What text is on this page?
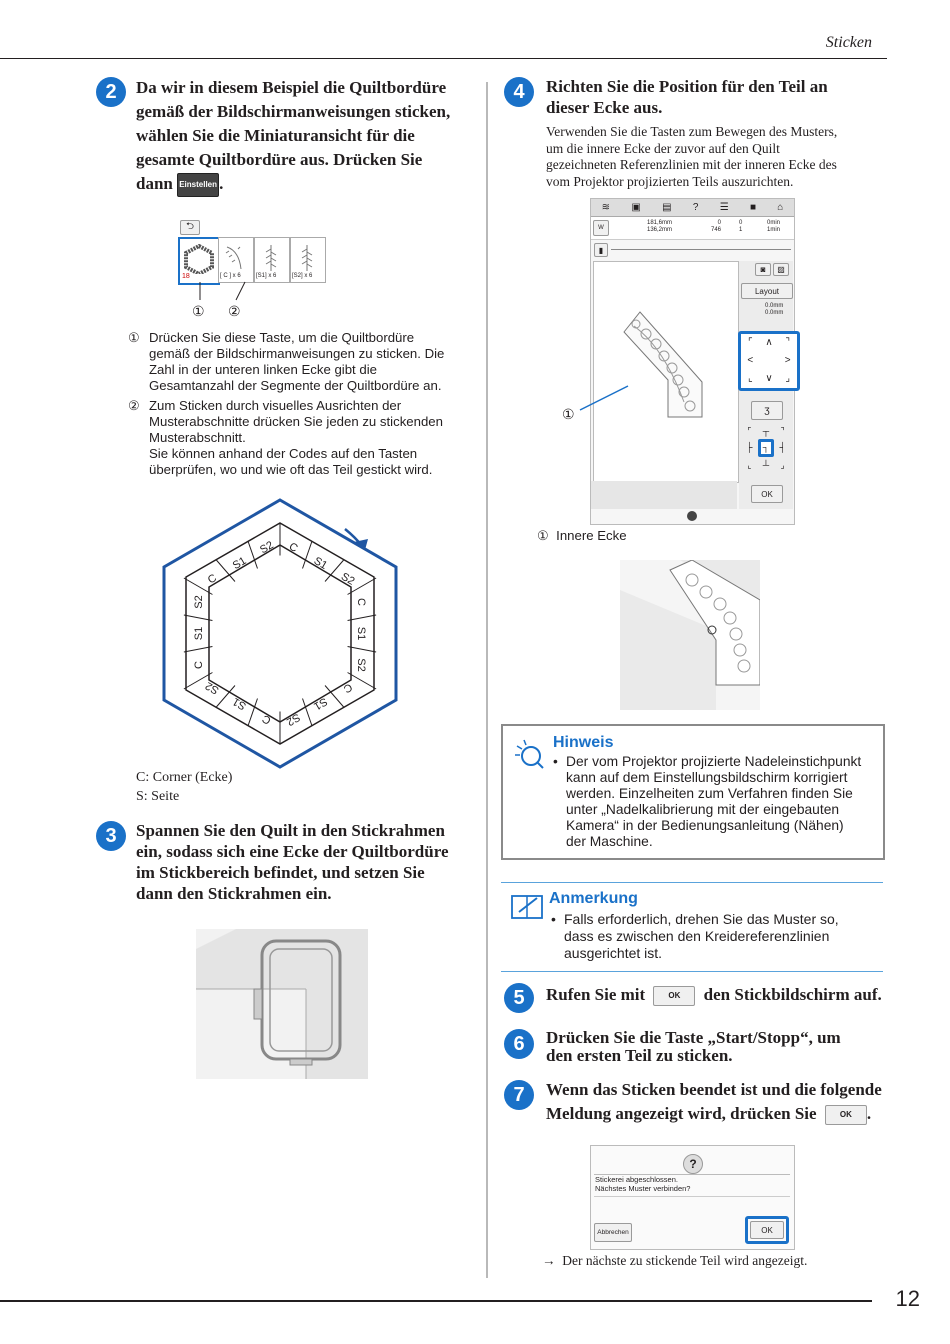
Sticken
2	Da wir in diesem Beispiel die Quiltbordüre
gemäß der Bildschirmanweisungen sticken,
wählen Sie die Miniaturansicht für die
gesamte Quiltbordüre aus. Drücken Sie
dann Einstellen .
⮌
18	[ C ] x 6	[S1] x 6	[S2] x 6
① ②
① Drücken Sie diese Taste, um die Quiltbordüre
gemäß der Bildschirmanweisungen zu sticken. Die
Zahl in der unteren linken Ecke gibt die
Gesamtanzahl der Segmente der Quiltbordüre an.
② Zum Sticken durch visuelles Ausrichten der
Musterabschnitte drücken Sie jeden zu stickenden
Musterabschnitt.
Sie können anhand der Codes auf den Tasten
überprüfen, wo und wie oft das Teil gestickt wird.
C
S1
S2
C
S1
S2
C
S1
S2
C
S1
S2
C
S1
S2
C
S1
S2
C: Corner (Ecke)
S: Seite
3	Spannen Sie den Quilt in den Stickrahmen
ein, sodass sich eine Ecke der Quiltbordüre
im Stickbereich befindet, und setzen Sie
dann den Stickrahmen ein.
4	Richten Sie die Position für den Teil an
dieser Ecke aus.
Verwenden Sie die Tasten zum Bewegen des Musters,
um die innere Ecke der zuvor auf den Quilt
gezeichneten Referenzlinien mit der inneren Ecke des
vom Projektor projizierten Teils auszurichten.
≋ ▣ ▤ ? ☰ ■ ⌂
W
181,6mm
136,2mm
0
746
0
1
0min
1min
▮
◙	▨
Layout
0.0mm
0.0mm
⌜	∧	⌝
<	>
⌞	∨	⌟
ʒ
⌜	┬	⌝
├	┐	┤
⌞	┴	⌟
OK
①
① Innere Ecke
Hinweis
• Der vom Projektor projizierte Nadeleinstichpunkt
kann auf dem Einstellungsbildschirm korrigiert
werden. Einzelheiten zum Verfahren finden Sie
unter „Nadelkalibrierung mit der eingebauten
Kamera“ in der Bedienungsanleitung (Nähen)
der Maschine.
Anmerkung
• Falls erforderlich, drehen Sie das Muster so,
dass es zwischen den Kreidereferenzlinien
ausgerichtet ist.
5	Rufen Sie mit	OK den Stickbildschirm auf.
6	Drücken Sie die Taste „Start/Stopp“, um
den ersten Teil zu sticken.
7	Wenn das Sticken beendet ist und die folgende
Meldung angezeigt wird, drücken Sie	OK .
?
Stickerei abgeschlossen.
Nächstes Muster verbinden?
Abbrechen	OK
→ Der nächste zu stickende Teil wird angezeigt.
12
